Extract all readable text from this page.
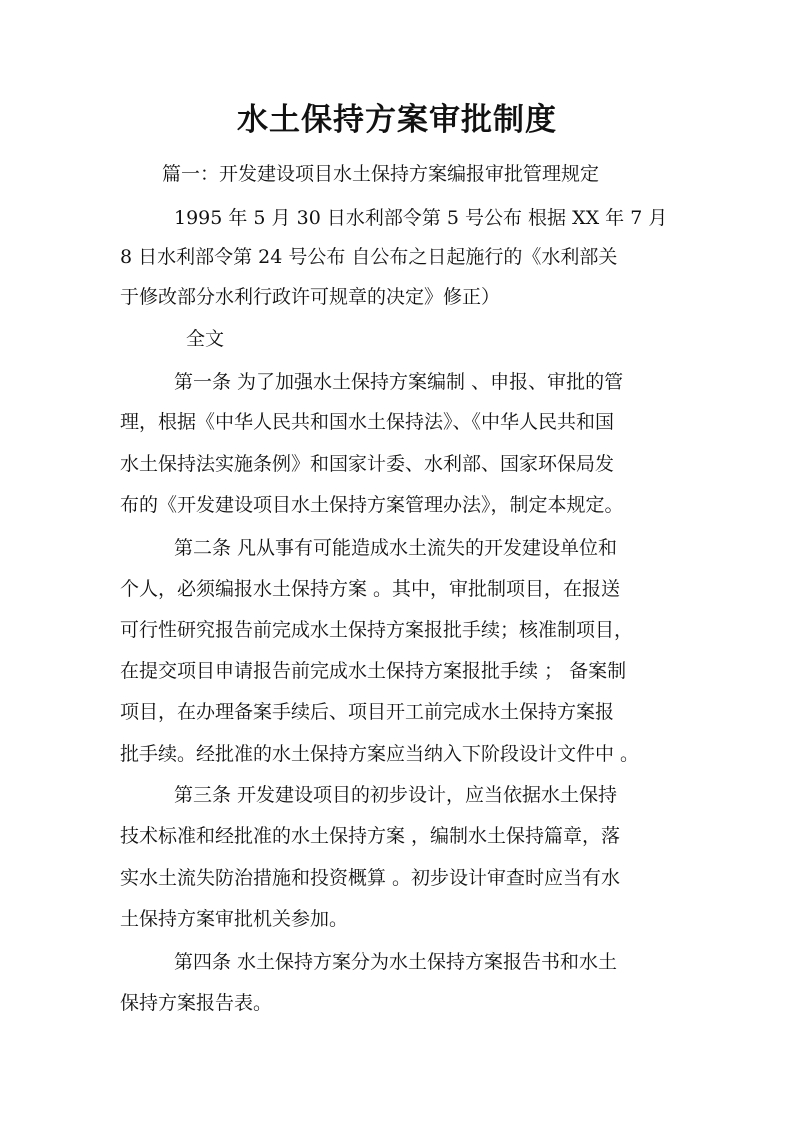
水土保持方案审批制度
篇一：开发建设项目水土保持方案编报审批管理规定
1995 年 5 月 30 日水利部令第 5 号公布 根据 XX 年 7 月
8 日水利部令第 24 号公布 自公布之日起施行的《水利部关
于修改部分水利行政许可规章的决定》修正）
全文
第一条 为了加强水土保持方案编制 、申报、审批的管
理，根据《中华人民共和国水土保持法》、《中华人民共和国
水土保持法实施条例》和国家计委、水利部、国家环保局发
布的《开发建设项目水土保持方案管理办法》，制定本规定。
第二条 凡从事有可能造成水土流失的开发建设单位和
个人，必须编报水土保持方案 。其中，审批制项目，在报送
可行性研究报告前完成水土保持方案报批手续；核准制项目，
在提交项目申请报告前完成水土保持方案报批手续 ； 备案制
项目，在办理备案手续后、项目开工前完成水土保持方案报
批手续。经批准的水土保持方案应当纳入下阶段设计文件中 。
第三条 开发建设项目的初步设计，应当依据水土保持
技术标准和经批准的水土保持方案 ，编制水土保持篇章，落
实水土流失防治措施和投资概算 。初步设计审查时应当有水
土保持方案审批机关参加。
第四条 水土保持方案分为水土保持方案报告书和水土
保持方案报告表。
